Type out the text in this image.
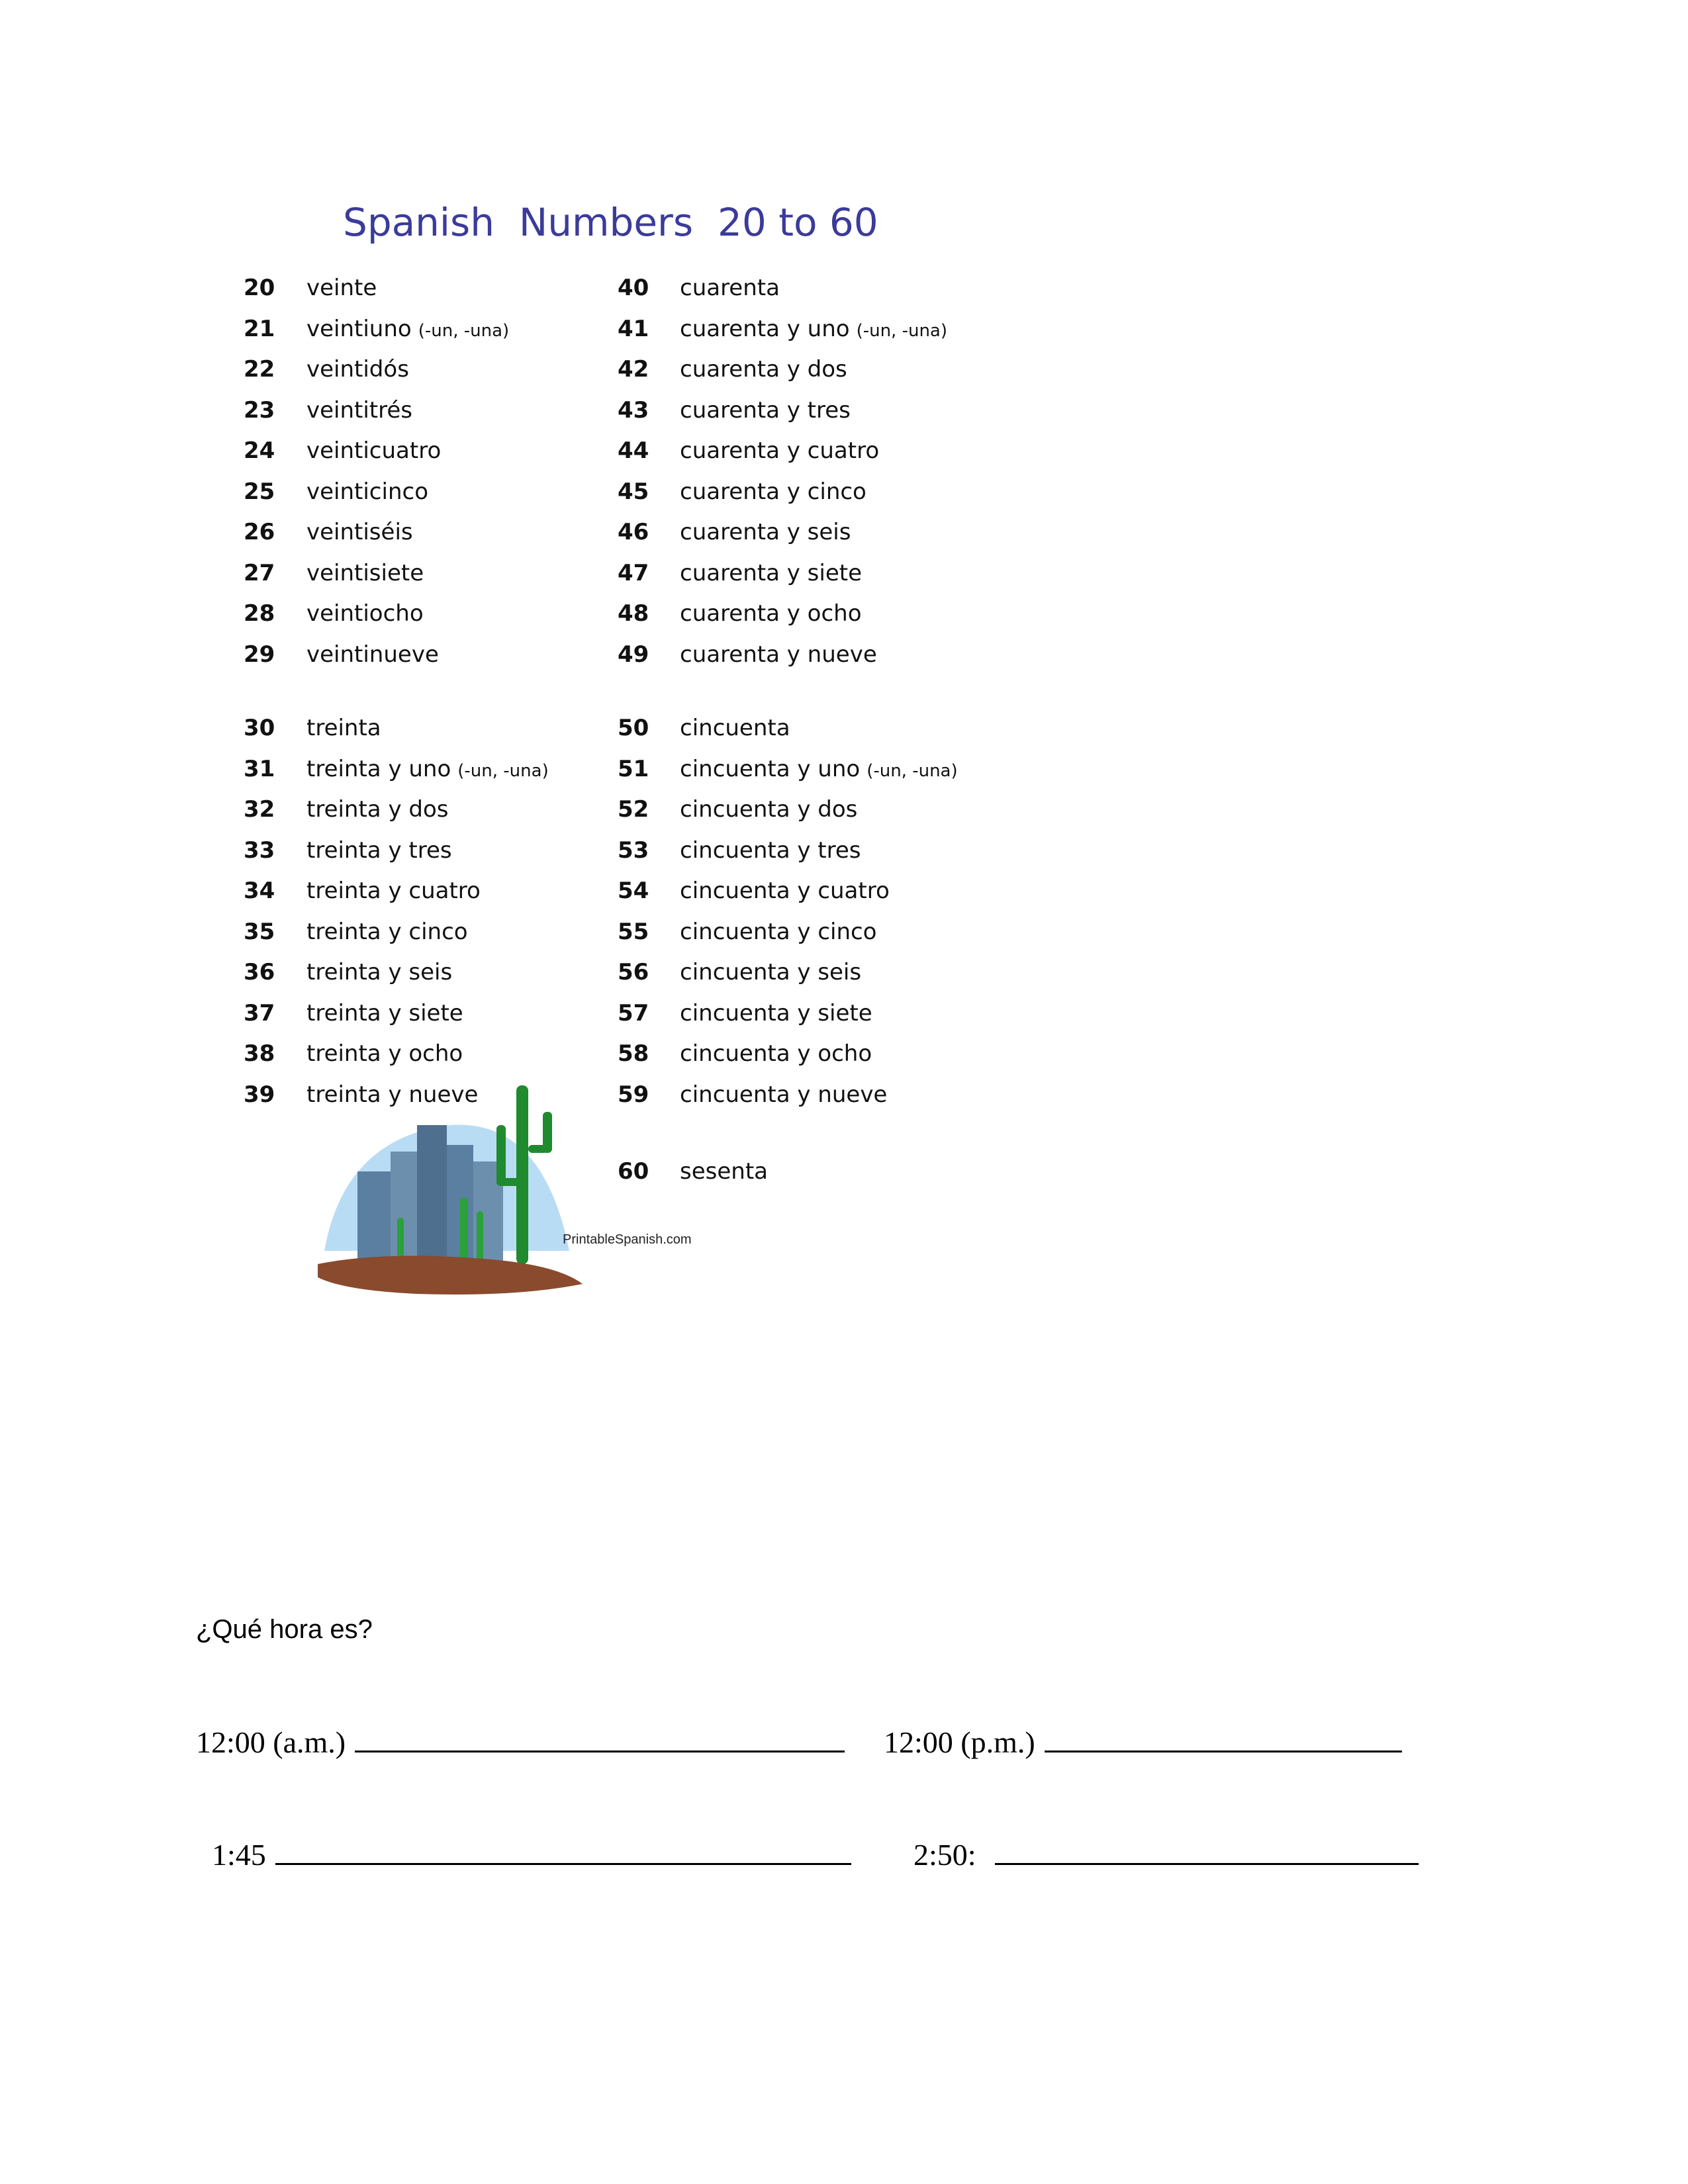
Spanish  Numbers  20 to 60
20 veinte
21 veintiuno (-un, -una)
22 veintidós
23 veintitrés
24 veinticuatro
25 veinticinco
26 veintiséis
27 veintisiete
28 veintiocho
29 veintinueve
30 treinta
31 treinta y uno (-un, -una)
32 treinta y dos
33 treinta y tres
34 treinta y cuatro
35 treinta y cinco
36 treinta y seis
37 treinta y siete
38 treinta y ocho
39 treinta y nueve
40 cuarenta
41 cuarenta y uno (-un, -una)
42 cuarenta y dos
43 cuarenta y tres
44 cuarenta y cuatro
45 cuarenta y cinco
46 cuarenta y seis
47 cuarenta y siete
48 cuarenta y ocho
49 cuarenta y nueve
50 cincuenta
51 cincuenta y uno (-un, -una)
52 cincuenta y dos
53 cincuenta y tres
54 cincuenta y cuatro
55 cincuenta y cinco
56 cincuenta y seis
57 cincuenta y siete
58 cincuenta y ocho
59 cincuenta y nueve
60 sesenta
PrintableSpanish.com
¿Qué hora es?
12:00 (a.m.)	12:00 (p.m.)
1:45	2:50:
